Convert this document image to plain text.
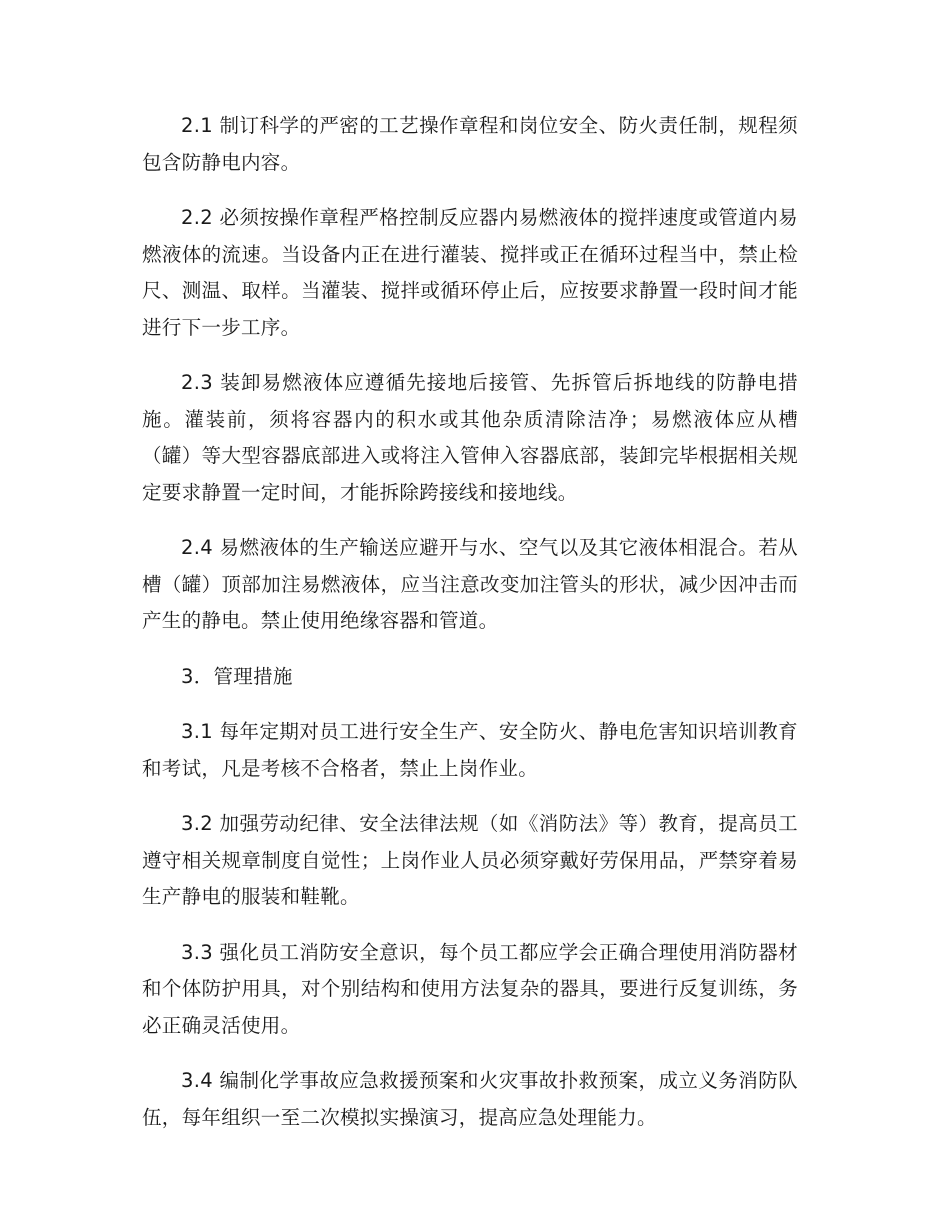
2.1 制订科学的严密的工艺操作章程和岗位安全、防火责任制，规程须包含防静电内容。

2.2 必须按操作章程严格控制反应器内易燃液体的搅拌速度或管道内易燃液体的流速。当设备内正在进行灌装、搅拌或正在循环过程当中，禁止检尺、测温、取样。当灌装、搅拌或循环停止后，应按要求静置一段时间才能进行下一步工序。

2.3 装卸易燃液体应遵循先接地后接管、先拆管后拆地线的防静电措施。灌装前，须将容器内的积水或其他杂质清除洁净；易燃液体应从槽（罐）等大型容器底部进入或将注入管伸入容器底部，装卸完毕根据相关规定要求静置一定时间，才能拆除跨接线和接地线。

2.4 易燃液体的生产输送应避开与水、空气以及其它液体相混合。若从槽（罐）顶部加注易燃液体，应当注意改变加注管头的形状，减少因冲击而产生的静电。禁止使用绝缘容器和管道。

3．管理措施

3.1 每年定期对员工进行安全生产、安全防火、静电危害知识培训教育和考试，凡是考核不合格者，禁止上岗作业。

3.2 加强劳动纪律、安全法律法规（如《消防法》等）教育，提高员工遵守相关规章制度自觉性；上岗作业人员必须穿戴好劳保用品，严禁穿着易生产静电的服装和鞋靴。

3.3 强化员工消防安全意识，每个员工都应学会正确合理使用消防器材和个体防护用具，对个别结构和使用方法复杂的器具，要进行反复训练，务必正确灵活使用。

3.4 编制化学事故应急救援预案和火灾事故扑救预案，成立义务消防队伍，每年组织一至二次模拟实操演习，提高应急处理能力。
